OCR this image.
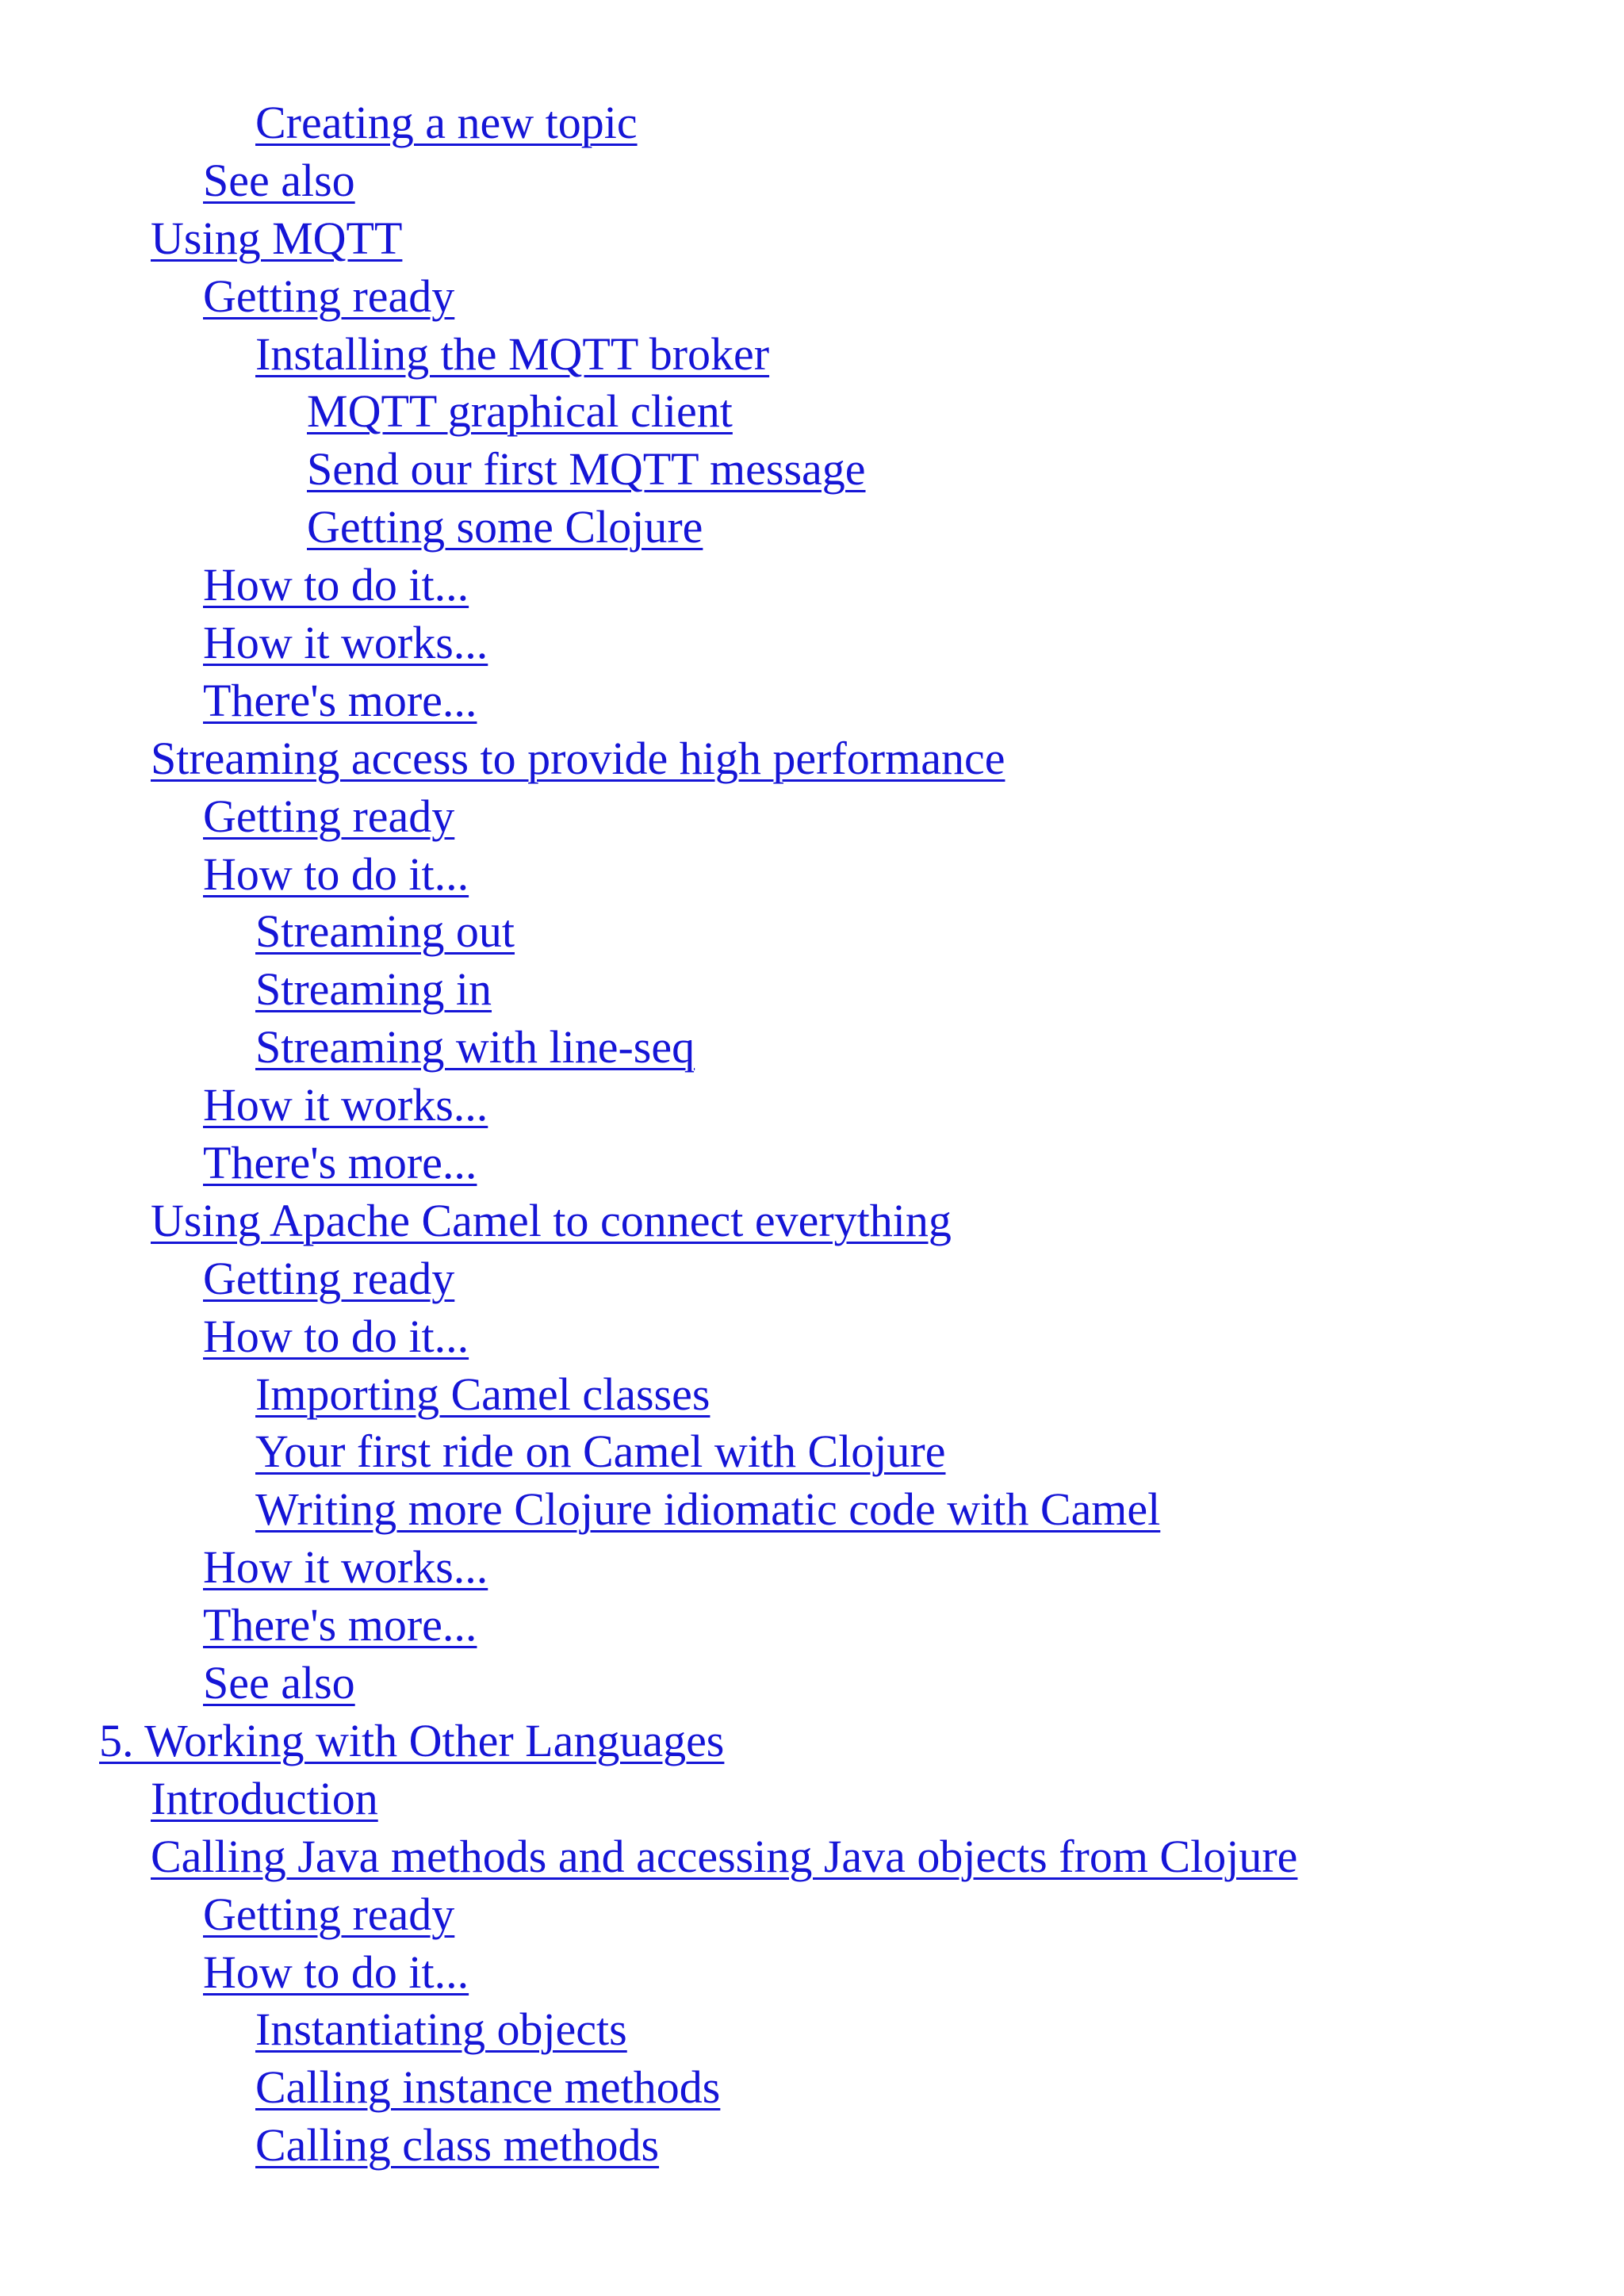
Creating a new topic
See also
Using MQTT
Getting ready
Installing the MQTT broker
MQTT graphical client
Send our first MQTT message
Getting some Clojure
How to do it...
How it works...
There's more...
Streaming access to provide high performance
Getting ready
How to do it...
Streaming out
Streaming in
Streaming with line-seq
How it works...
There's more...
Using Apache Camel to connect everything
Getting ready
How to do it...
Importing Camel classes
Your first ride on Camel with Clojure
Writing more Clojure idiomatic code with Camel
How it works...
There's more...
See also
5. Working with Other Languages
Introduction
Calling Java methods and accessing Java objects from Clojure
Getting ready
How to do it...
Instantiating objects
Calling instance methods
Calling class methods
